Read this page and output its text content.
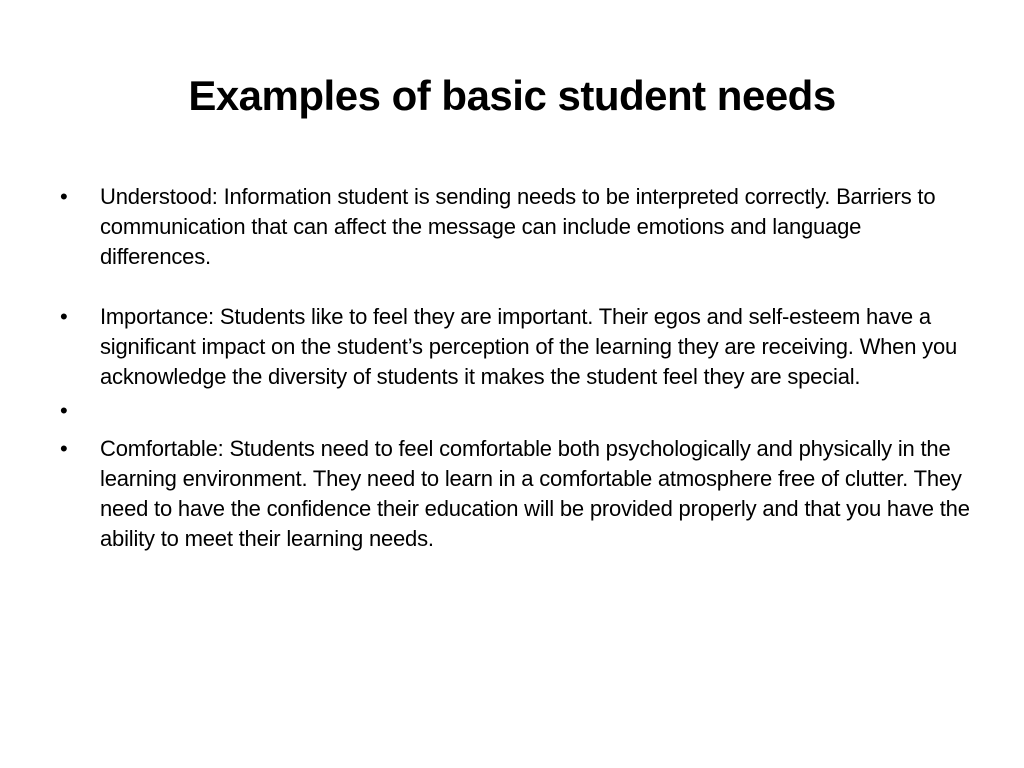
Examples of basic student needs
•	Understood: Information student is sending needs to be interpreted correctly. Barriers to communication that can affect the message can include emotions and language differences.
•	Importance: Students like to feel they are important. Their egos and self-esteem have a significant impact on the student’s perception of the learning they are receiving. When you acknowledge the diversity of students it makes the student feel they are special.
•
•	Comfortable: Students need to feel comfortable both psychologically and physically in the learning environment. They need to learn in a comfortable atmosphere free of clutter. They need to have the confidence their education will be provided properly and that you have the ability to meet their learning needs.
